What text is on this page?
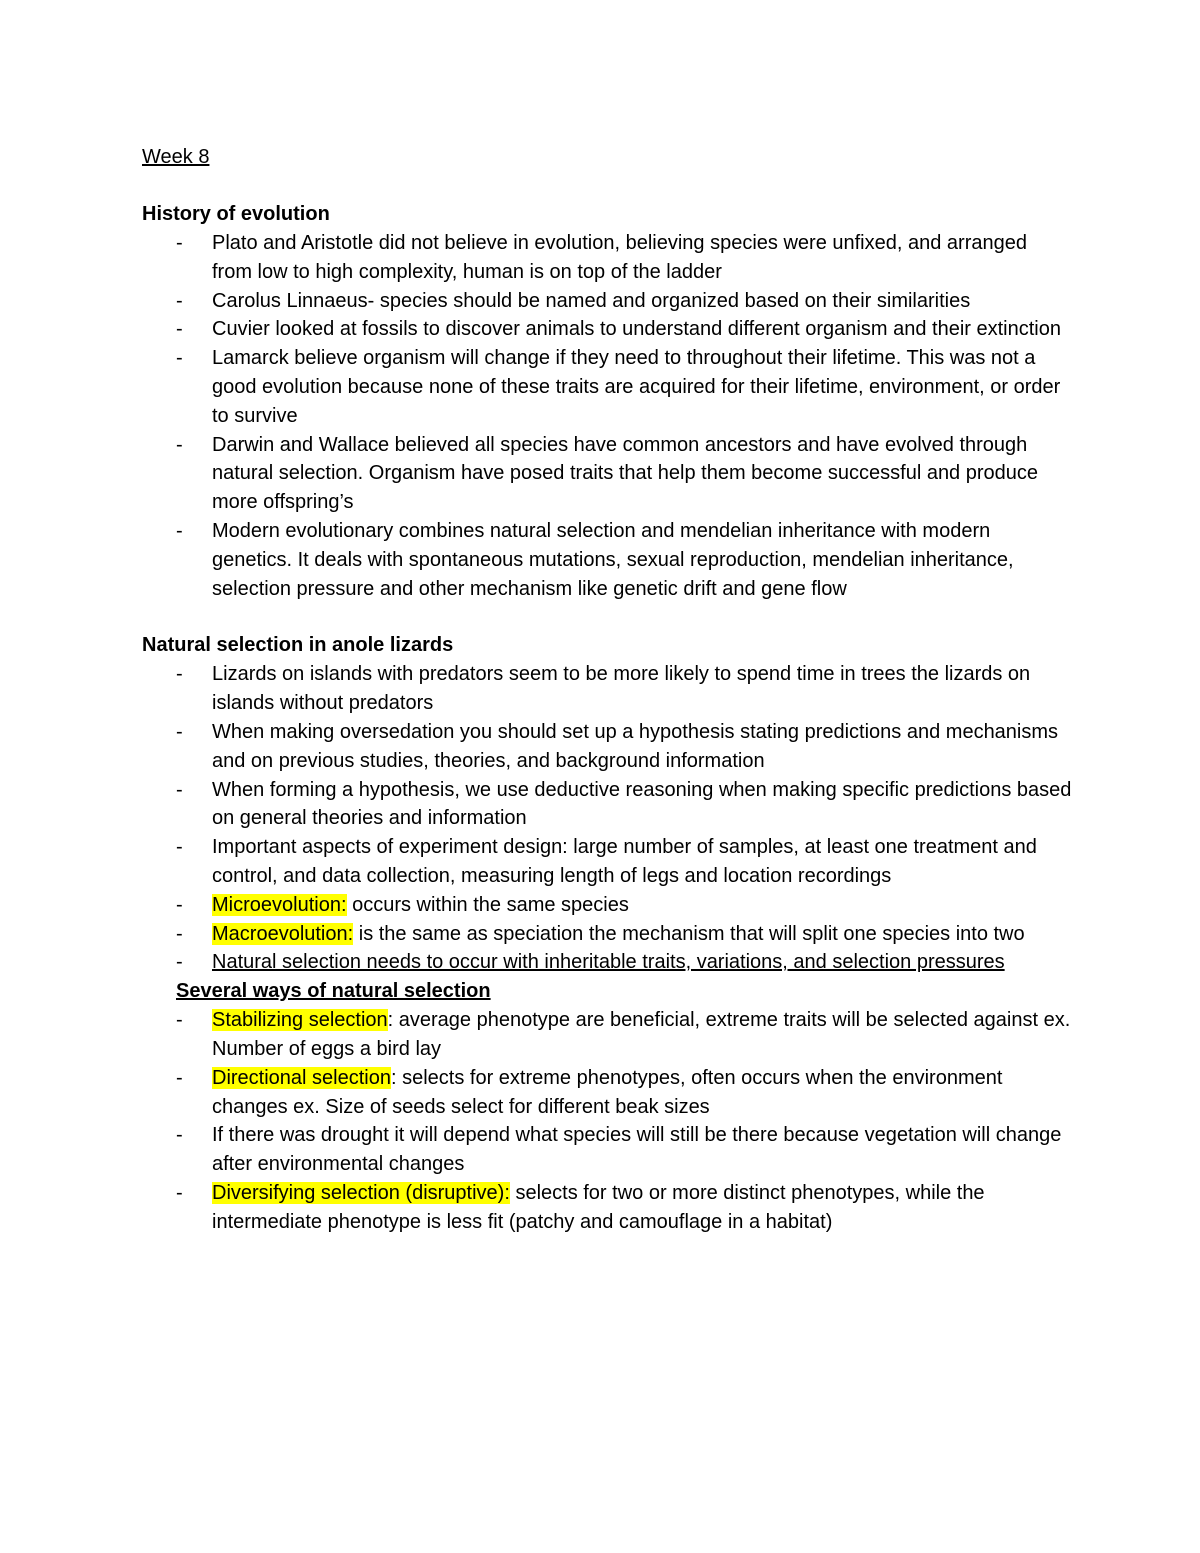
Week 8
History of evolution
- Plato and Aristotle did not believe in evolution, believing species were unfixed, and arranged from low to high complexity, human is on top of the ladder
- Carolus Linnaeus- species should be named and organized based on their similarities
- Cuvier looked at fossils to discover animals to understand different organism and their extinction
- Lamarck believe organism will change if they need to throughout their lifetime. This was not a good evolution because none of these traits are acquired for their lifetime, environment, or order to survive
- Darwin and Wallace believed all species have common ancestors and have evolved through natural selection. Organism have posed traits that help them become successful and produce more offspring’s
- Modern evolutionary combines natural selection and mendelian inheritance with modern genetics. It deals with spontaneous mutations, sexual reproduction, mendelian inheritance, selection pressure and other mechanism like genetic drift and gene flow
Natural selection in anole lizards
- Lizards on islands with predators seem to be more likely to spend time in trees the lizards on islands without predators
- When making oversedation you should set up a hypothesis stating predictions and mechanisms and on previous studies, theories, and background information
- When forming a hypothesis, we use deductive reasoning when making specific predictions based on general theories and information
- Important aspects of experiment design: large number of samples, at least one treatment and control, and data collection, measuring length of legs and location recordings
- Microevolution: occurs within the same species
- Macroevolution: is the same as speciation the mechanism that will split one species into two
- Natural selection needs to occur with inheritable traits, variations, and selection pressures
Several ways of natural selection
- Stabilizing selection: average phenotype are beneficial, extreme traits will be selected against ex. Number of eggs a bird lay
- Directional selection: selects for extreme phenotypes, often occurs when the environment changes ex. Size of seeds select for different beak sizes
- If there was drought it will depend what species will still be there because vegetation will change after environmental changes
- Diversifying selection (disruptive): selects for two or more distinct phenotypes, while the intermediate phenotype is less fit (patchy and camouflage in a habitat)
